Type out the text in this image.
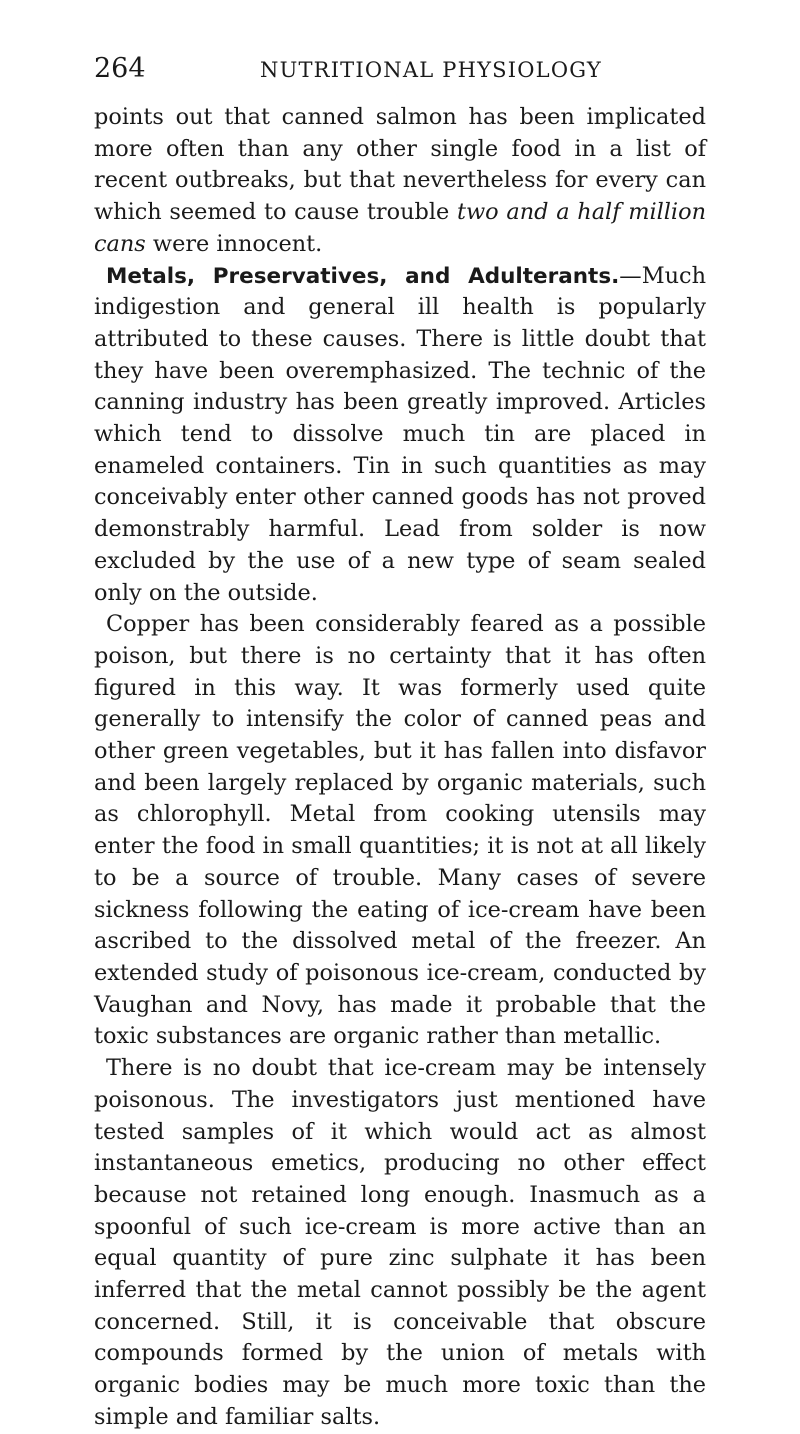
264	NUTRITIONAL PHYSIOLOGY

points out that canned salmon has been implicated more often than any other single food in a list of recent outbreaks, but that nevertheless for every can which seemed to cause trouble two and a half million cans were innocent.

Metals, Preservatives, and Adulterants.—Much indigestion and general ill health is popularly attributed to these causes. There is little doubt that they have been overemphasized. The technic of the canning industry has been greatly improved. Articles which tend to dissolve much tin are placed in enameled containers. Tin in such quantities as may conceivably enter other canned goods has not proved demonstrably harmful. Lead from solder is now excluded by the use of a new type of seam sealed only on the outside.

Copper has been considerably feared as a possible poison, but there is no certainty that it has often figured in this way. It was formerly used quite generally to intensify the color of canned peas and other green vegetables, but it has fallen into disfavor and been largely replaced by organic materials, such as chlorophyll. Metal from cooking utensils may enter the food in small quantities; it is not at all likely to be a source of trouble. Many cases of severe sickness following the eating of ice-cream have been ascribed to the dissolved metal of the freezer. An extended study of poisonous ice-cream, conducted by Vaughan and Novy, has made it probable that the toxic substances are organic rather than metallic.

There is no doubt that ice-cream may be intensely poisonous. The investigators just mentioned have tested samples of it which would act as almost instantaneous emetics, producing no other effect because not retained long enough. Inasmuch as a spoonful of such ice-cream is more active than an equal quantity of pure zinc sulphate it has been inferred that the metal cannot possibly be the agent concerned. Still, it is conceivable that obscure compounds formed by the union of metals with organic bodies may be much more toxic than the simple and familiar salts.
